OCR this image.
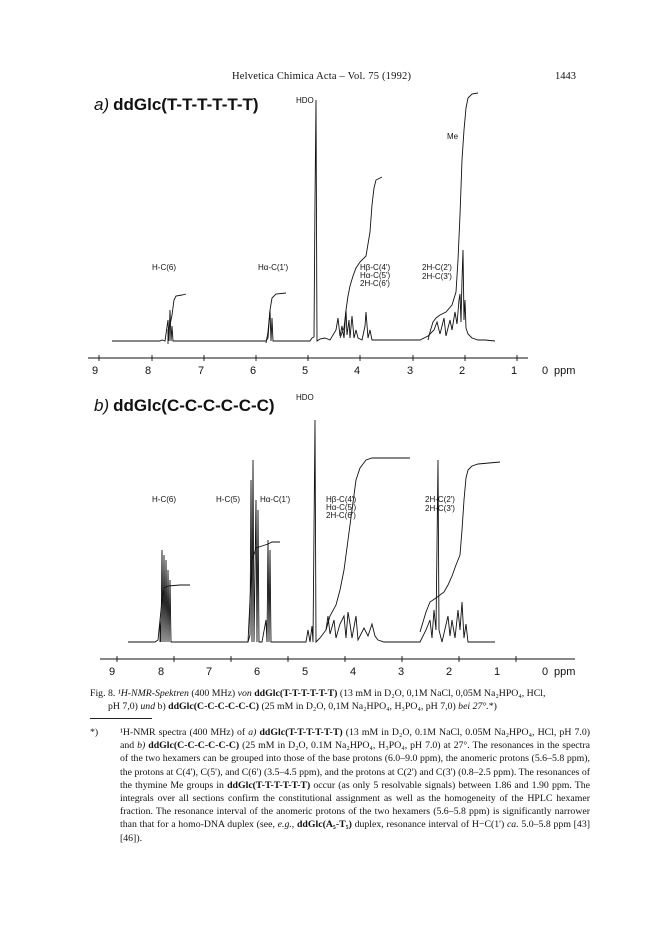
Helvetica Chimica Acta – Vol. 75 (1992)	1443
a) ddGlc(T-T-T-T-T-T)
b) ddGlc(C-C-C-C-C-C)
9	8	7	6	5	4	3	2	1 0 ppm
HDO
Me
H-C(6)	Hα-C(1')	Hβ-C(4')
Hα-C(5')
2H-C(6')
2H-C(2')
2H-C(3')
9	8	7	6	5	4	3	2	1	0 ppm
HDO
H-C(6)	H-C(5)	Hα-C(1')	Hβ-C(4')
Hα-C(5')
2H-C(6')
2H-C(2')
2H-C(3')
Fig. 8. ¹H-NMR-Spektren (400 MHz) von ddGlc(T-T-T-T-T-T) (13 mM in D₂O, 0,1M NaCl, 0,05M Na₂HPO₄, HCl,
pH 7,0) und b) ddGlc(C-C-C-C-C-C) (25 mM in D₂O, 0,1M Na₂HPO₄, H₃PO₄, pH 7,0) bei 27°.*)
*)	¹H-NMR spectra (400 MHz) of a) ddGlc(T-T-T-T-T-T) (13 mM in D₂O, 0.1M NaCl, 0.05M Na₂HPO₄, HCl, pH 7.0) and b) ddGlc(C-C-C-C-C-C) (25 mM in D₂O, 0.1M Na₂HPO₄, H₃PO₄, pH 7.0) at 27°. The resonances in the spectra of the two hexamers can be grouped into those of the base protons (6.0–9.0 ppm), the anomeric protons (5.6–5.8 ppm), the protons at C(4'), C(5'), and C(6') (3.5–4.5 ppm), and the protons at C(2') and C(3') (0.8–2.5 ppm). The resonances of the thymine Me groups in ddGlc(T-T-T-T-T-T) occur (as only 5 resolvable signals) between 1.86 and 1.90 ppm. The integrals over all sections confirm the constitutional assignment as well as the homogeneity of the HPLC hexamer fraction. The resonance interval of the anomeric protons of the two hexamers (5.6–5.8 ppm) is significantly narrower than that for a homo-DNA duplex (see, e.g., ddGlc(A₅-T₅) duplex, resonance interval of H−C(1') ca. 5.0–5.8 ppm [43] [46]).
